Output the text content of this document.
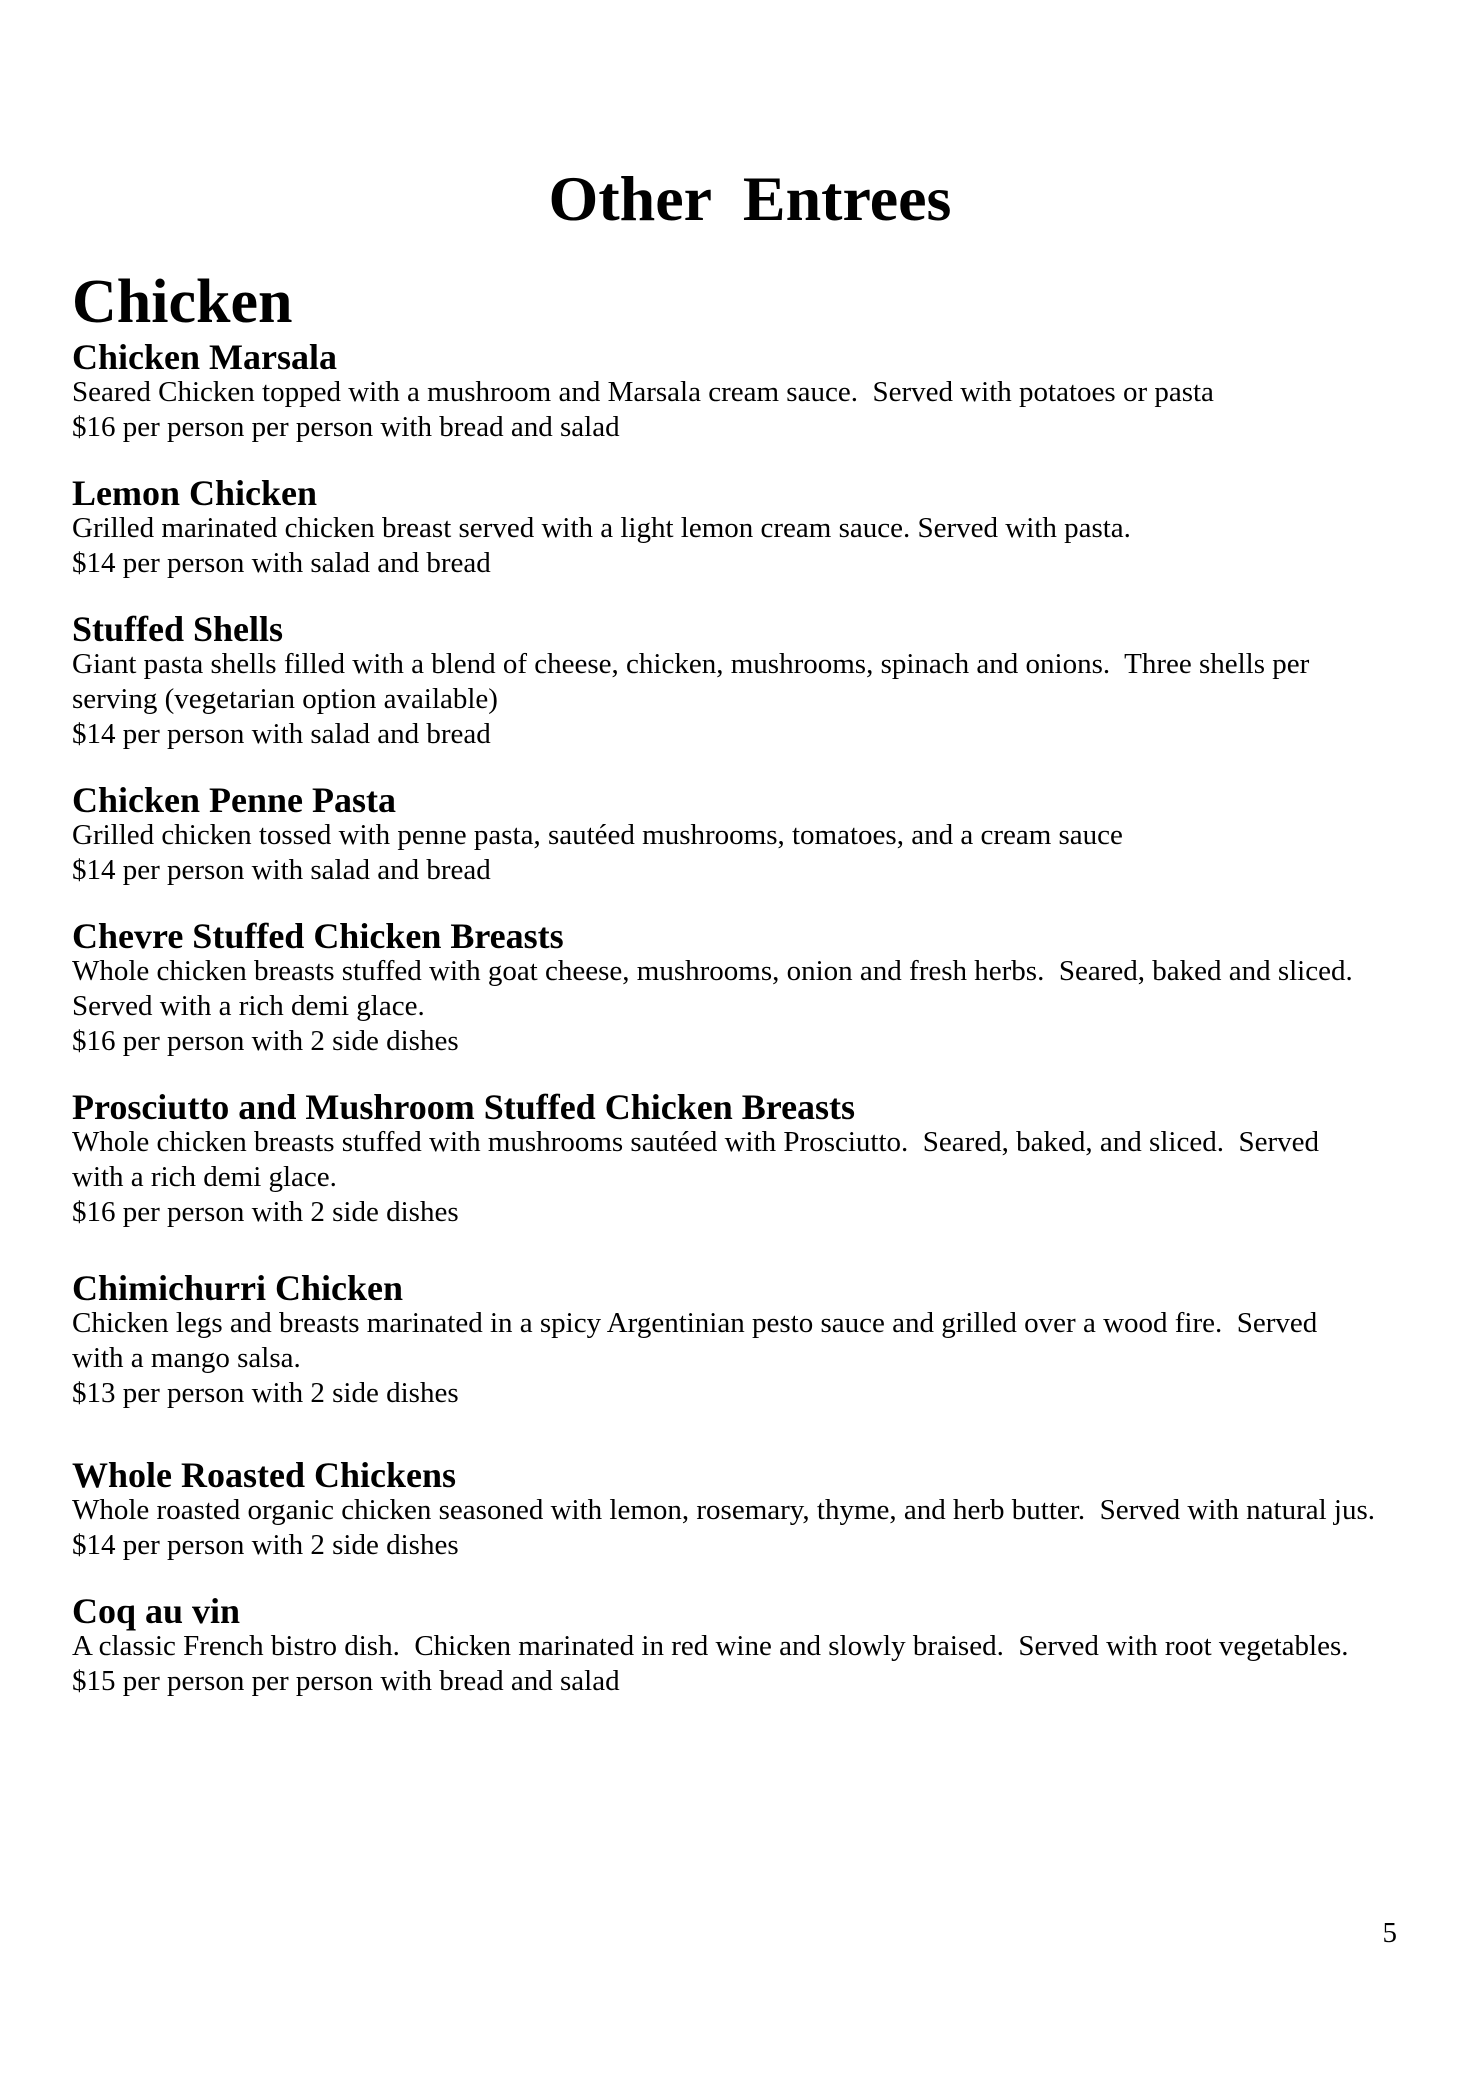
Other  Entrees
Chicken
Chicken Marsala

Seared Chicken topped with a mushroom and Marsala cream sauce.  Served with potatoes or pasta

$16 per person per person with bread and salad

Lemon Chicken

Grilled marinated chicken breast served with a light lemon cream sauce. Served with pasta.

$14 per person with salad and bread

Stuffed Shells

Giant pasta shells filled with a blend of cheese, chicken, mushrooms, spinach and onions.  Three shells per

serving (vegetarian option available)

$14 per person with salad and bread

Chicken Penne Pasta

Grilled chicken tossed with penne pasta, sautéed mushrooms, tomatoes, and a cream sauce

$14 per person with salad and bread

Chevre Stuffed Chicken Breasts

Whole chicken breasts stuffed with goat cheese, mushrooms, onion and fresh herbs.  Seared, baked and sliced.

Served with a rich demi glace.

$16 per person with 2 side dishes

Prosciutto and Mushroom Stuffed Chicken Breasts

Whole chicken breasts stuffed with mushrooms sautéed with Prosciutto.  Seared, baked, and sliced.  Served

with a rich demi glace.

$16 per person with 2 side dishes

Chimichurri Chicken

Chicken legs and breasts marinated in a spicy Argentinian pesto sauce and grilled over a wood fire.  Served

with a mango salsa.

$13 per person with 2 side dishes

Whole Roasted Chickens

Whole roasted organic chicken seasoned with lemon, rosemary, thyme, and herb butter.  Served with natural jus.

$14 per person with 2 side dishes

Coq au vin

A classic French bistro dish.  Chicken marinated in red wine and slowly braised.  Served with root vegetables.

$15 per person per person with bread and salad

5
